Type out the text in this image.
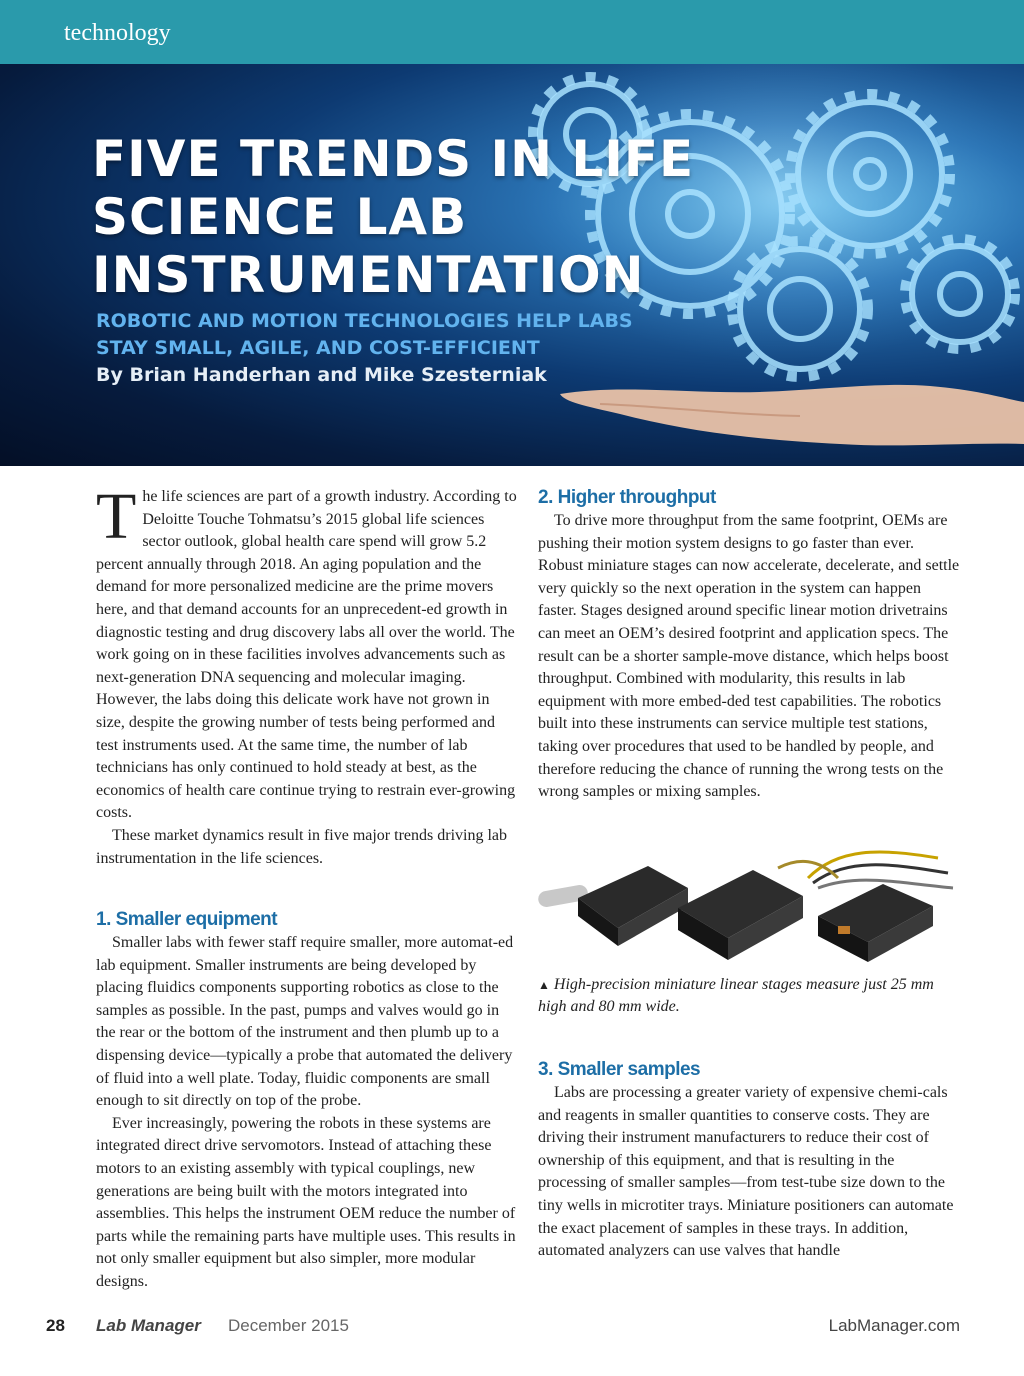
technology
FIVE TRENDS IN LIFE SCIENCE LAB INSTRUMENTATION

ROBOTIC AND MOTION TECHNOLOGIES HELP LABS STAY SMALL, AGILE, AND COST-EFFICIENT

By Brian Handerhan and Mike Szesterniak

The life sciences are part of a growth industry. According to Deloitte Touche Tohmatsu’s 2015 global life sciences sector outlook, global health care spend will grow 5.2 percent annually through 2018. An aging population and the demand for more personalized medicine are the prime movers here, and that demand accounts for an unprecedent-ed growth in diagnostic testing and drug discovery labs all over the world. The work going on in these facilities involves advancements such as next-generation DNA sequencing and molecular imaging. However, the labs doing this delicate work have not grown in size, despite the growing number of tests being performed and test instruments used. At the same time, the number of lab technicians has only continued to hold steady at best, as the economics of health care continue trying to restrain ever-growing costs.

These market dynamics result in five major trends driving lab instrumentation in the life sciences.

1. Smaller equipment

Smaller labs with fewer staff require smaller, more automat-ed lab equipment. Smaller instruments are being developed by placing fluidics components supporting robotics as close to the samples as possible. In the past, pumps and valves would go in the rear or the bottom of the instrument and then plumb up to a dispensing device—typically a probe that automated the delivery of fluid into a well plate. Today, fluidic components are small enough to sit directly on top of the probe.

Ever increasingly, powering the robots in these systems are integrated direct drive servomotors. Instead of attaching these motors to an existing assembly with typical couplings, new generations are being built with the motors integrated into assemblies. This helps the instrument OEM reduce the number of parts while the remaining parts have multiple uses. This results in not only smaller equipment but also simpler, more modular designs.

2. Higher throughput

To drive more throughput from the same footprint, OEMs are pushing their motion system designs to go faster than ever. Robust miniature stages can now accelerate, decelerate, and settle very quickly so the next operation in the system can happen faster. Stages designed around specific linear motion drivetrains can meet an OEM’s desired footprint and application specs. The result can be a shorter sample-move distance, which helps boost throughput. Combined with modularity, this results in lab equipment with more embed-ded test capabilities. The robotics built into these instruments can service multiple test stations, taking over procedures that used to be handled by people, and therefore reducing the chance of running the wrong tests on the wrong samples or mixing samples.

▲ High-precision miniature linear stages measure just 25 mm high and 80 mm wide.
3. Smaller samples

Labs are processing a greater variety of expensive chemi-cals and reagents in smaller quantities to conserve costs. They are driving their instrument manufacturers to reduce their cost of ownership of this equipment, and that is resulting in the processing of smaller samples—from test-tube size down to the tiny wells in microtiter trays. Miniature positioners can automate the exact placement of samples in these trays. In addition, automated analyzers can use valves that handle

28 Lab Manager December 2015	LabManager.com
